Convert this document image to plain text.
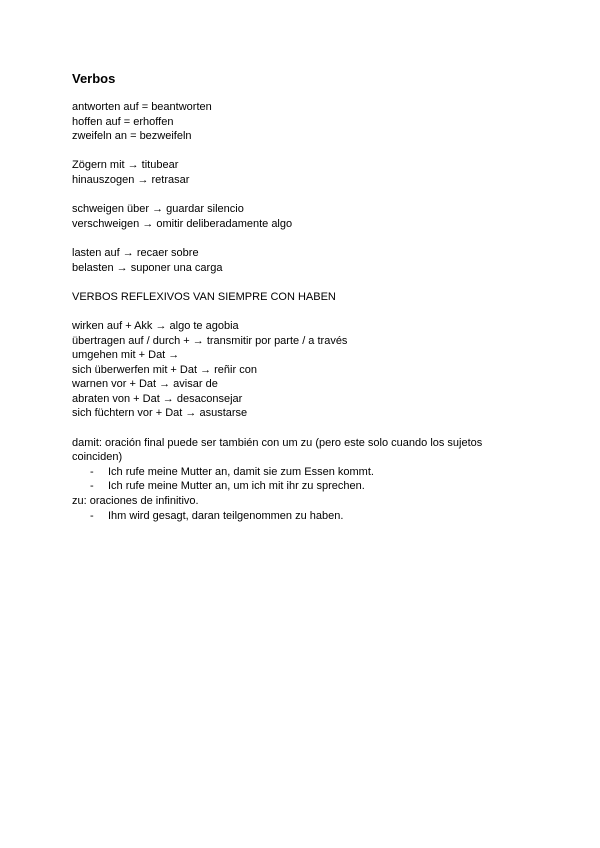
Verbos
antworten auf = beantworten
hoffen auf = erhoffen
zweifeln an = bezweifeln
Zögern mit → titubear
hinauszogen → retrasar
schweigen über → guardar silencio
verschweigen → omitir deliberadamente algo
lasten auf → recaer sobre
belasten → suponer una carga
VERBOS REFLEXIVOS VAN SIEMPRE CON HABEN
wirken auf + Akk → algo te agobia
übertragen auf / durch + → transmitir por parte / a través
umgehen mit + Dat →
sich überwerfen mit + Dat → reñir con
warnen vor + Dat → avisar de
abraten von + Dat → desaconsejar
sich füchtern vor + Dat → asustarse
damit: oración final puede ser también con um zu (pero este solo cuando los sujetos coinciden)
- Ich rufe meine Mutter an, damit sie zum Essen kommt.
- Ich rufe meine Mutter an, um ich mit ihr zu sprechen.
zu: oraciones de infinitivo.
- Ihm wird gesagt, daran teilgenommen zu haben.
